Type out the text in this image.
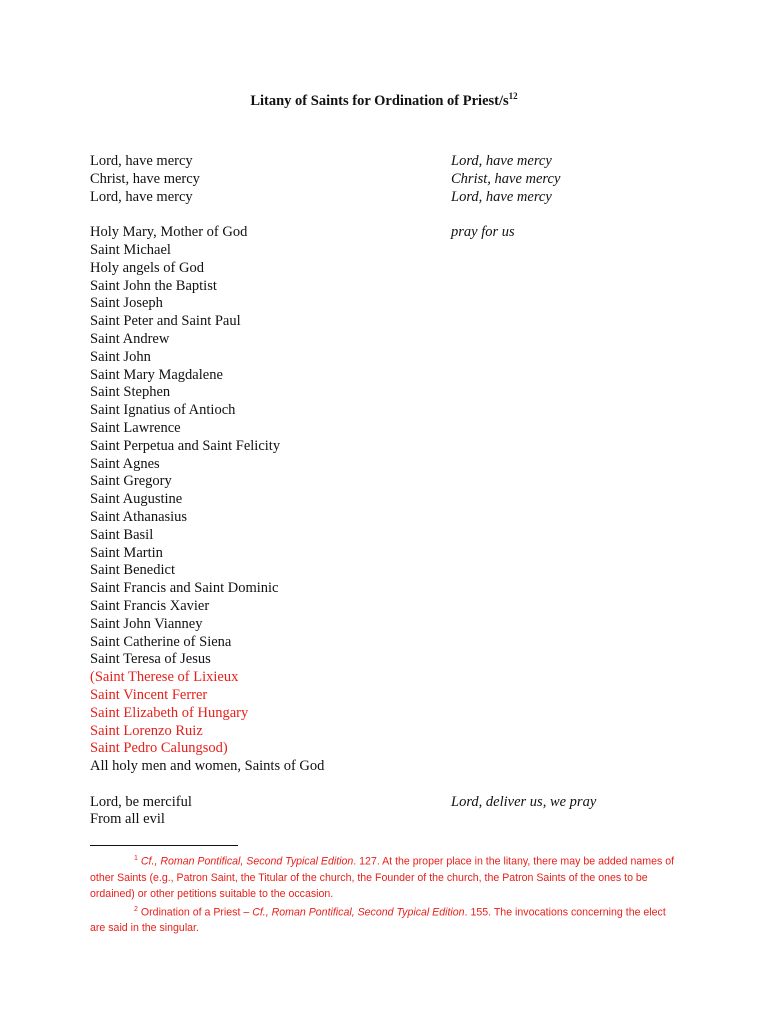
Litany of Saints for Ordination of Priest/$s^{12}$
Lord, have mercy	Lord, have mercy
Christ, have mercy	Christ, have mercy
Lord, have mercy	Lord, have mercy
Holy Mary, Mother of God	pray for us
Saint Michael
Holy angels of God
Saint John the Baptist
Saint Joseph
Saint Peter and Saint Paul
Saint Andrew
Saint John
Saint Mary Magdalene
Saint Stephen
Saint Ignatius of Antioch
Saint Lawrence
Saint Perpetua and Saint Felicity
Saint Agnes
Saint Gregory
Saint Augustine
Saint Athanasius
Saint Basil
Saint Martin
Saint Benedict
Saint Francis and Saint Dominic
Saint Francis Xavier
Saint John Vianney
Saint Catherine of Siena
Saint Teresa of Jesus
(Saint Therese of Lixieux
Saint Vincent Ferrer
Saint Elizabeth of Hungary
Saint Lorenzo Ruiz
Saint Pedro Calungsod)
All holy men and women, Saints of God
Lord, be merciful	Lord, deliver us, we pray
From all evil
$^1$ Cf., Roman Pontifical, Second Typical Edition. 127. At the proper place in the litany, there may be added names of other Saints (e.g., Patron Saint, the Titular of the church, the Founder of the church, the Patron Saints of the ones to be ordained) or other petitions suitable to the occasion.
$^2$ Ordination of a Priest – Cf., Roman Pontifical, Second Typical Edition. 155. The invocations concerning the elect are said in the singular.
